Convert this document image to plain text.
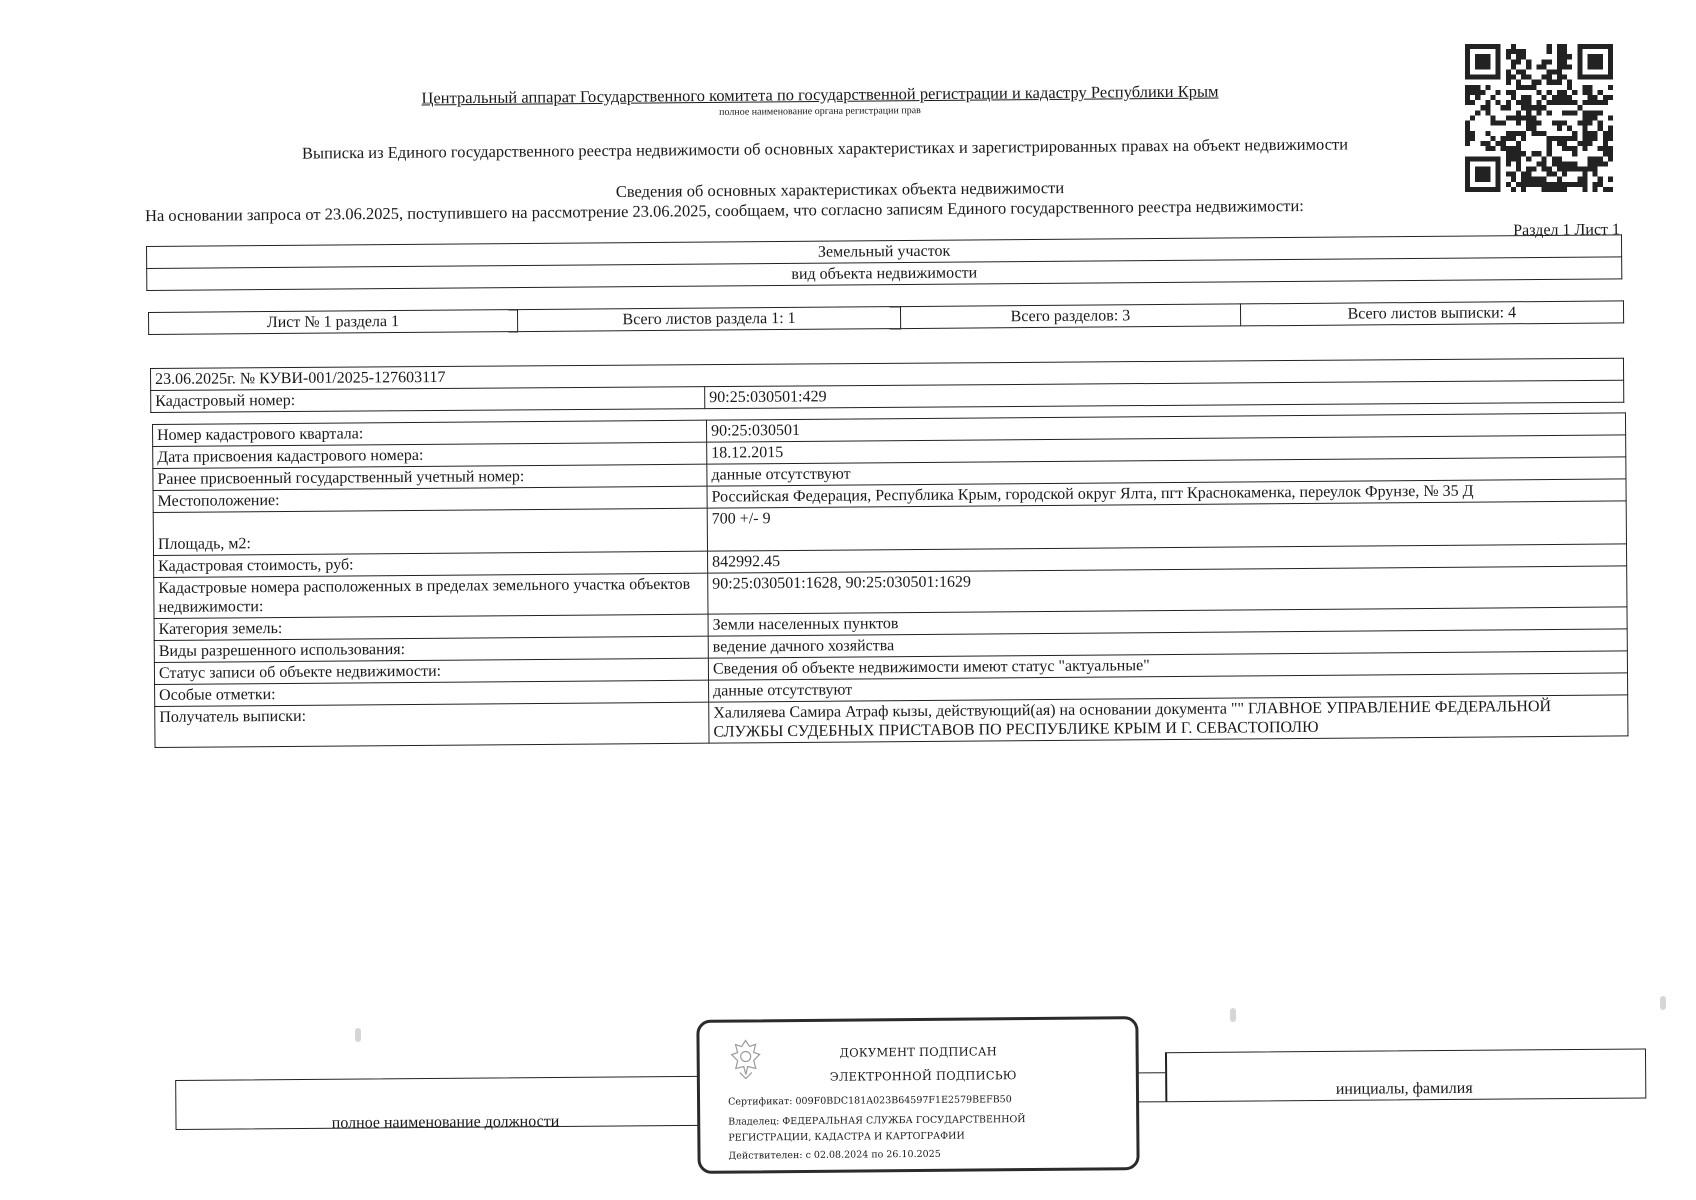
Центральный аппарат Государственного комитета по государственной регистрации и кадастру Республики Крым
полное наименование органа регистрации прав
Выписка из Единого государственного реестра недвижимости об основных характеристиках и зарегистрированных правах на объект недвижимости
Сведения об основных характеристиках объекта недвижимости
На основании запроса от 23.06.2025, поступившего на рассмотрение 23.06.2025, сообщаем, что согласно записям Единого государственного реестра недвижимости:
Раздел 1 Лист 1
Земельный участок
вид объекта недвижимости
Лист № 1 раздела 1	Всего листов раздела 1: 1	Всего разделов: 3	Всего листов выписки: 4
23.06.2025г. № КУВИ-001/2025-127603117
Кадастровый номер:	90:25:030501:429
Номер кадастрового квартала:	90:25:030501
Дата присвоения кадастрового номера:	18.12.2015
Ранее присвоенный государственный учетный номер:	данные отсутствуют
Местоположение:	Российская Федерация, Республика Крым, городской округ Ялта, пгт Краснокаменка, переулок Фрунзе, № 35 Д
Площадь, м2:	700 +/- 9
Кадастровая стоимость, руб:	842992.45
Кадастровые номера расположенных в пределах земельного участка объектов недвижимости:	90:25:030501:1628, 90:25:030501:1629
Категория земель:	Земли населенных пунктов
Виды разрешенного использования:	ведение дачного хозяйства
Статус записи об объекте недвижимости:	Сведения об объекте недвижимости имеют статус "актуальные"
Особые отметки:	данные отсутствуют
Получатель выписки:	Халиляева Самира Атраф кызы, действующий(ая) на основании документа "" ГЛАВНОЕ УПРАВЛЕНИЕ ФЕДЕРАЛЬНОЙ СЛУЖБЫ СУДЕБНЫХ ПРИСТАВОВ ПО РЕСПУБЛИКЕ КРЫМ И Г. СЕВАСТОПОЛЮ
полное наименование должности
инициалы, фамилия
ДОКУМЕНТ ПОДПИСАН
ЭЛЕКТРОННОЙ ПОДПИСЬЮ
Сертификат: 009F0BDC181A023B64597F1E2579BEFB50
Владелец: ФЕДЕРАЛЬНАЯ СЛУЖБА ГОСУДАРСТВЕННОЙ
РЕГИСТРАЦИИ, КАДАСТРА И КАРТОГРАФИИ
Действителен: с 02.08.2024 по 26.10.2025
